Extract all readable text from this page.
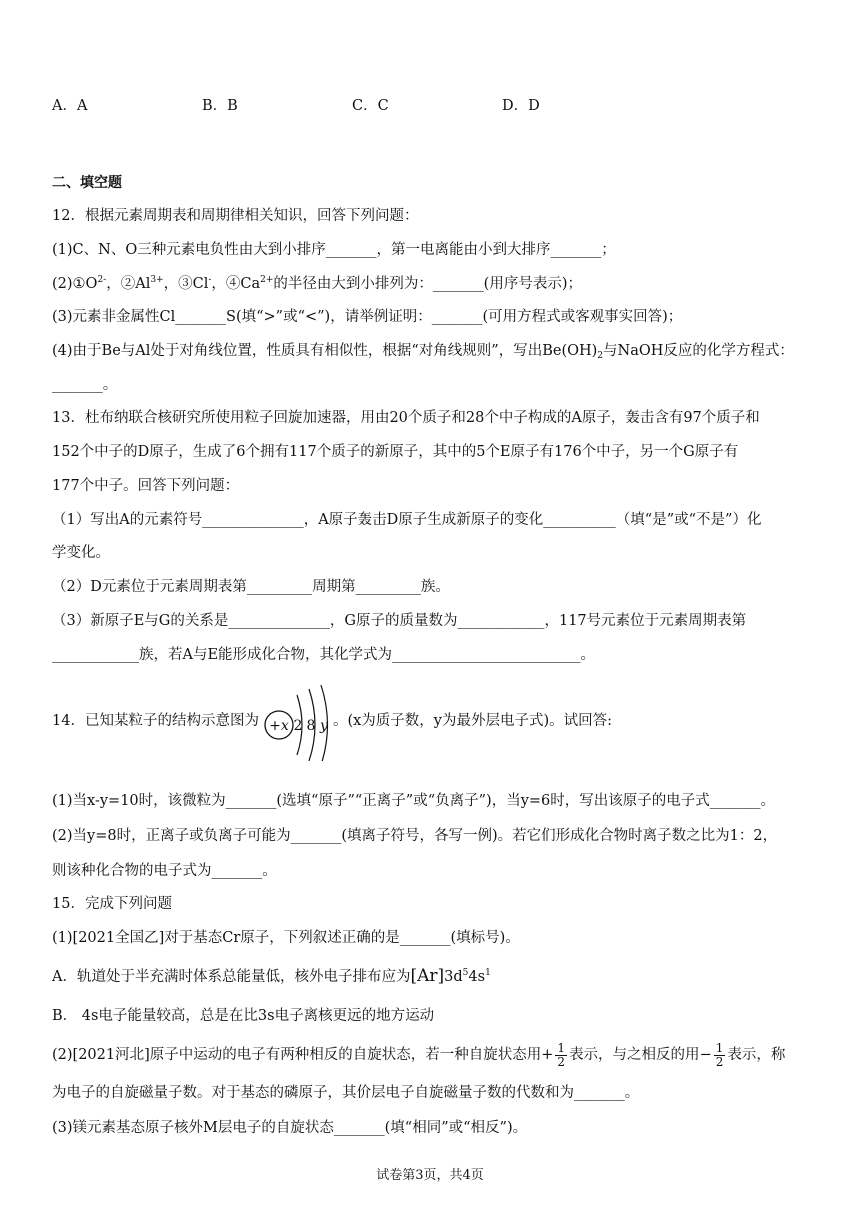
A．A	B．B	C．C	D．D
二、填空题
12．根据元素周期表和周期律相关知识，回答下列问题：
(1)C、N、O三种元素电负性由大到小排序_______，第一电离能由小到大排序_______；
$(2)①O^{2-}$，$②Al^{3+}$，③Cl-，$④Ca^{2+}$的半径由大到小排列为：_______(用序号表示)；
(3)元素非金属性Cl_______S(填“>”或“<”)，请举例证明：_______(可用方程式或客观事实回答)；
(4)由于Be与Al处于对角线位置，性质具有相似性，根据“对角线规则”，写出$Be(OH)_2$与NaOH反应的化学方程式：
_______。
13．杜布纳联合核研究所使用粒子回旋加速器，用由20个质子和28个中子构成的A原子，轰击含有97个质子和
152个中子的D原子，生成了6个拥有117个质子的新原子，其中的5个E原子有176个中子，另一个G原子有
177个中子。回答下列问题：
（1）写出A的元素符号______________，A原子轰击D原子生成新原子的变化__________（填“是”或“不是”）化
学变化。
（2）D元素位于元素周期表第_________周期第_________族。
（3）新原子E与G的关系是______________，G原子的质量数为____________，117号元素位于元素周期表第
____________族，若A与E能形成化合物，其化学式为__________________________。
14．已知某粒子的结构示意图为 +x 2 8 y 。(x为质子数，y为最外层电子式)。试回答:
(1)当x-y=10时，该微粒为_______(选填“原子”“正离子”或“负离子”)，当y=6时，写出该原子的电子式_______。
(2)当y=8时，正离子或负离子可能为_______(填离子符号，各写一例)。若它们形成化合物时离子数之比为1：2，
则该种化合物的电子式为_______。
15．完成下列问题
(1)[2021全国乙]对于基态Cr原子，下列叙述正确的是_______(填标号)。
A．轨道处于半充满时体系总能量低，核外电子排布应为$[Ar]3d^54s^1$
B． 4s电子能量较高，总是在比3s电子离核更远的地方运动
(2)[2021河北]原子中运动的电子有两种相反的自旋状态，若一种自旋状态用+ $\frac{1}{2}$ 表示，与之相反的用− $\frac{1}{2}$ 表示，称
为电子的自旋磁量子数。对于基态的磷原子，其价层电子自旋磁量子数的代数和为_______。
(3)镁元素基态原子核外M层电子的自旋状态_______(填“相同”或“相反”)。
试卷第3页，共4页
